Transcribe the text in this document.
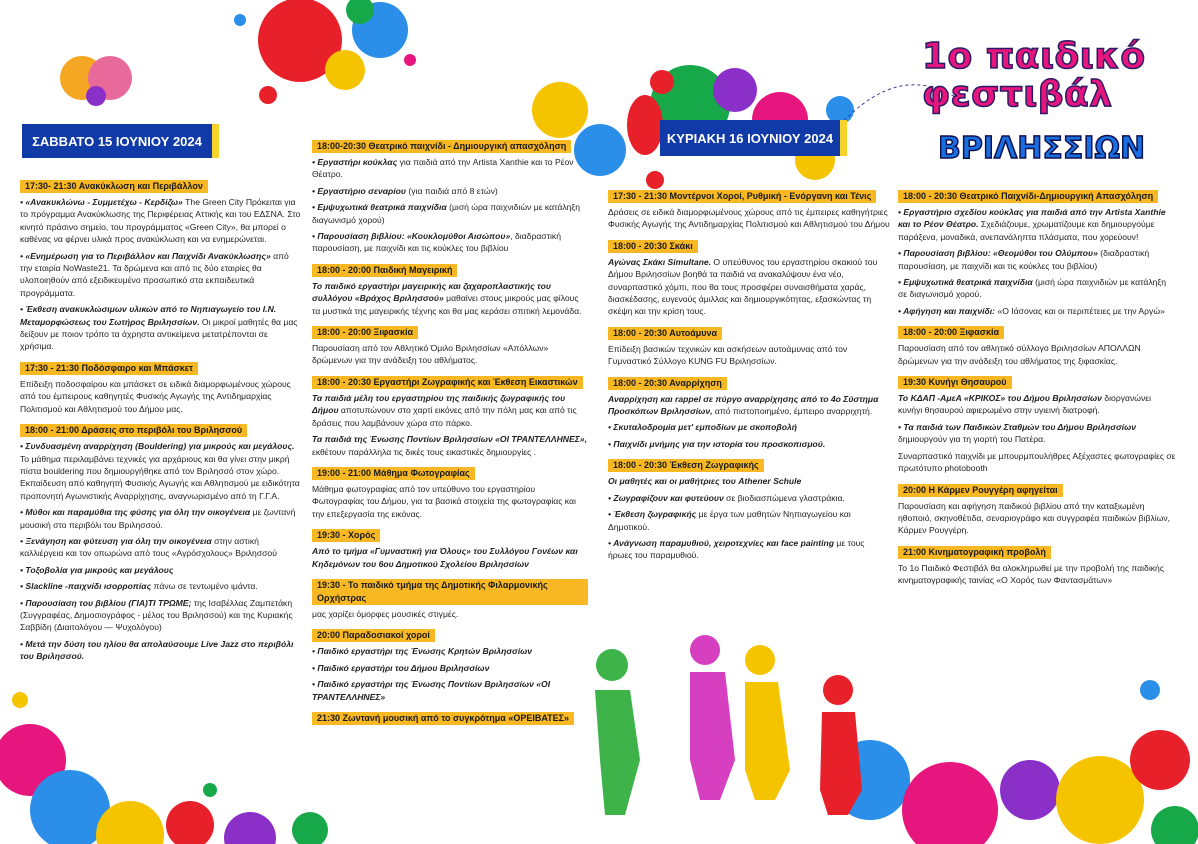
1ο παιδικό φεστιβάλ
ΒΡΙΛΗΣΣΙΩΝ
ΣΑΒΒΑΤΟ 15 ΙΟΥΝΙΟΥ 2024	ΚΥΡΙΑΚΗ 16 ΙΟΥΝΙΟΥ 2024
17:30- 21:30 Ανακύκλωση και Περιβάλλον

• «Ανακυκλώνω - Συμμετέχω - Κερδίζω» The Green City Πρόκειται για το πρόγραμμα Ανακύκλωσης της Περιφέρειας Αττικής και του ΕΔΣΝΑ. Στο κινητό πράσινο σημείο, του προγράμματος «Green City», θα μπορεί ο καθένας να φέρνει υλικά προς ανακύκλωση και να ενημερώνεται.

• «Ενημέρωση για το Περιβάλλον και Παιχνίδι Ανακύκλωσης» από την εταιρία NoWaste21. Τα δρώμενα και από τις δύο εταιρίες θα υλοποιηθούν από εξειδικευμένο προσωπικό στα εκπαιδευτικά προγράμματα.

• Έκθεση ανακυκλώσιμων υλικών από το Νηπιαγωγείο του Ι.Ν. Μεταμορφώσεως του Σωτήρος Βριλησσίων. Οι μικροί μαθητές θα μας δείξουν με ποιον τρόπο τα άχρηστα αντικείμενα μετατρέπονται σε χρήσιμα.

17:30 - 21:30 Ποδόσφαιρο και Μπάσκετ

Επίδειξη ποδοσφαίρου και μπάσκετ σε ειδικά διαμορφωμένους χώρους από του έμπειρους καθηγητές Φυσικής Αγωγής της Αντιδημαρχίας Πολιτισμού και Αθλητισμού του Δήμου μας.

18:00 - 21:00 Δράσεις στο περιβόλι του Βριλησσού

• Συνδυασμένη αναρρίχηση (Bouldering) για μικρούς και μεγάλους. Το μάθημα περιλαμβάνει τεχνικές για αρχάριους και θα γίνει στην μικρή πίστα bouldering που δημιουργήθηκε από τον Βριλησσό στον χώρο. Εκπαίδευση από καθηγητή Φυσικής Αγωγής και Αθλητισμού με ειδικότητα προπονητή Αγωνιστικής Αναρρίχησης, αναγνωρισμένο από τη Γ.Γ.Α.

• Μύθοι και παραμύθια της φύσης για όλη την οικογένεια με ζωντανή μουσική στο περιβόλι του Βριλησσού.

• Ξενάγηση και φύτευση για όλη την οικογένεια στην αστική καλλιέργεια και τον οπωρώνα από τους «Αγρόσχολους» Βριλησσού

• Τοξοβολία για μικρούς και μεγάλους

• Slackline -παιχνίδι ισορροπίας πάνω σε τεντωμένο ιμάντα.

• Παρουσίαση του βιβλίου (ΓΙΑ)ΤΙ ΤΡΩΜΕ; της Ισαβέλλας Ζαμπετάκη (Συγγραφέας, Δημοσιογράφος - μέλος του Βριλησσού) και της Κυριακής Σαββίδη (Διαιτολόγου — Ψυχολόγου)

• Μετά την δύση του ηλίου θα απολαύσουμε Live Jazz στο περιβόλι του Βριλησσού.

18:00-20:30 Θεατρικό παιχνίδι - Δημιουργική απασχόληση

• Εργαστήρι κούκλας για παιδιά από την Artista Xanthie και το Ρέον Θέατρο.

• Εργαστήριο σεναρίου (για παιδιά από 8 ετών)

• Εμψυχωτικά θεατρικά παιχνίδια (μισή ώρα παιχνιδιών με κατάληξη διαγωνισμό χορού)

• Παρουσίαση βιβλίου: «Κουκλομύθοι Αισώπου», διαδραστική παρουσίαση, με παιχνίδι και τις κούκλες του βιβλίου

18:00 - 20:00 Παιδική Μαγειρική

Το παιδικό εργαστήρι μαγειρικής και ζαχαροπλαστικής του συλλόγου «Βράχος Βριλησσού» μαθαίνει στους μικρούς μας φίλους τα μυστικά της μαγειρικής τέχνης και θα μας κεράσει σπιτική λεμονάδα.

18:00 - 20:00 Ξιφασκία

Παρουσίαση από τον Αθλητικό Όμιλο Βριλησσίων «Απόλλων» δρώμενων για την ανάδειξη του αθλήματος.

18:00 - 20:30 Εργαστήρι Ζωγραφικής και Έκθεση Εικαστικών

Τα παιδιά μέλη του εργαστηρίου της παιδικής ζωγραφικής του Δήμου αποτυπώνουν στο χαρτί εικόνες από την πόλη μας και από τις δράσεις που λαμβάνουν χώρα στο πάρκο.

Τα παιδιά της Ένωσης Ποντίων Βριλησσίων «ΟΙ ΤΡΑΝΤΕΛΛΗΝΕΣ», εκθέτουν παράλληλα τις δικές τους εικαστικές δημιουργίες .

19:00 - 21:00 Μάθημα Φωτογραφίας

Μάθημα φωτογραφίας από τον υπεύθυνο του εργαστηρίου Φωτογραφίας του Δήμου, για τα βασικά στοιχεία της φωτογραφίας και την επεξεργασία της εικόνας.

19:30 - Χορός

Από το τμήμα «Γυμναστική για Όλους» του Συλλόγου Γονέων και Κηδεμόνων του 6ου Δημοτικού Σχολείου Βριλησσίων

19:30 - Το παιδικό τμήμα της Δημοτικής Φιλαρμονικής Ορχήστρας

μας χαρίζει όμορφες μουσικές στιγμές.

20:00 Παραδοσιακοί χοροί

• Παιδικό εργαστήρι της Ένωσης Κρητών Βριλησσίων

• Παιδικό εργαστήρι του Δήμου Βριλησσίων

• Παιδικό εργαστήρι της Ένωσης Ποντίων Βριλησσίων «ΟΙ ΤΡΑΝΤΕΛΛΗΝΕΣ»

21:30 Ζωντανή μουσική από το συγκρότημα «ΟΡΕΙΒΑΤΕΣ»

17:30 - 21:30 Μοντέρνοι Χοροί, Ρυθμική - Ενόργανη και Τένις

Δράσεις σε ειδικά διαμορφωμένους χώρους από τις έμπειρες καθηγήτριες Φυσικής Αγωγής της Αντιδημαρχίας Πολιτισμού και Αθλητισμού του Δήμου

18:00 - 20:30 Σκάκι

Αγώνας Σκάκι Simultane. Ο υπεύθυνος του εργαστηρίου σκακιού του Δήμου Βριλησσίων βοηθά τα παιδιά να ανακαλύψουν ένα νέο, συναρπαστικό χόμπι, που θα τους προσφέρει συναισθήματα χαράς, διασκέδασης, ευγενούς άμιλλας και δημιουργικότητας, εξασκώντας τη σκέψη και την κρίση τους.

18:00 - 20:30 Αυτοάμυνα

Επίδειξη βασικών τεχνικών και ασκήσεων αυτοάμυνας από τον Γυμναστικό Σύλλογο KUNG FU Βριλησσίων.

18:00 - 20:30 Αναρρίχηση

Αναρρίχηση και rappel σε πύργο αναρρίχησης από το 4ο Σύστημα Προσκόπων Βριλησσίων, από πιστοποιημένο, έμπειρο αναρριχητή.

• Σκυταλοδρομία μετ' εμποδίων με σκοποβολή

• Παιχνίδι μνήμης για την ιστορία του προσκοπισμού.

18:00 - 20:30 Έκθεση Ζωγραφικής

Οι μαθητές και οι μαθήτριες του Athener Schule

• Ζωγραφίζουν και φυτεύουν σε βιοδιασπώμενα γλαστράκια.

• Έκθεση ζωγραφικής με έργα των μαθητών Νηπιαγωγείου και Δημοτικού.

• Ανάγνωση παραμυθιού, χειροτεχνίες και face painting με τους ήρωες του παραμυθιού.

18:00 - 20:30 Θεατρικό Παιχνίδι-Δημιουργική Απασχόληση

• Εργαστήριο σχεδίου κούκλας για παιδιά από την Artista Xanthie και το Ρέον Θέατρο. Σχεδιάζουμε, χρωματίζουμε και δημιουργούμε παράξενα, μοναδικά, ανεπανάληπτα πλάσματα, που χορεύουν!

• Παρουσίαση βιβλίου: «Θεομύθοι του Ολύμπου» (διαδραστική παρουσίαση, με παιχνίδι και τις κούκλες του βιβλίου)

• Εμψυχωτικά θεατρικά παιχνίδια (μισή ώρα παιχνιδιών με κατάληξη σε διαγωνισμό χορού.

• Αφήγηση και παιχνίδι: «Ο Ιάσονας και οι περιπέτειες με την Αργώ»

18:00 - 20:00 Ξιφασκία

Παρουσίαση από τον αθλητικό σύλλογο Βριλησσίων ΑΠΟΛΛΩΝ δρώμενων για την ανάδειξη του αθλήματος της ξιφασκίας.

19:30 Κυνήγι Θησαυρού

Το ΚΔΑΠ -ΑμεΑ «ΚΡΙΚΟΣ» του Δήμου Βριλησσίων διοργανώνει κυνήγι θησαυρού αφιερωμένο στην υγιεινή διατροφή.

• Τα παιδιά των Παιδικών Σταθμών του Δήμου Βριλησσίων δημιουργούν για τη γιορτή του Πατέρα.

Συναρπαστικό παιχνίδι με μπουρμπουλήθρες Αξέχαστες φωτογραφίες σε πρωτότυπο photobooth

20:00 Η Κάρμεν Ρουγγέρη αφηγείται

Παρουσίαση και αφήγηση παιδικού βιβλίου από την καταξιωμένη ηθοποιό, σκηνοθέτιδα, σεναριογράφο και συγγραφέα παιδικών βιβλίων, Κάρμεν Ρουγγέρη.

21:00 Κινηματογραφική προβολή

Το 1ο Παιδικό Φεστιβάλ θα ολοκληρωθεί με την προβολή της παιδικής κινηματογραφικής ταινίας «Ο Χορός των Φαντασμάτων»
